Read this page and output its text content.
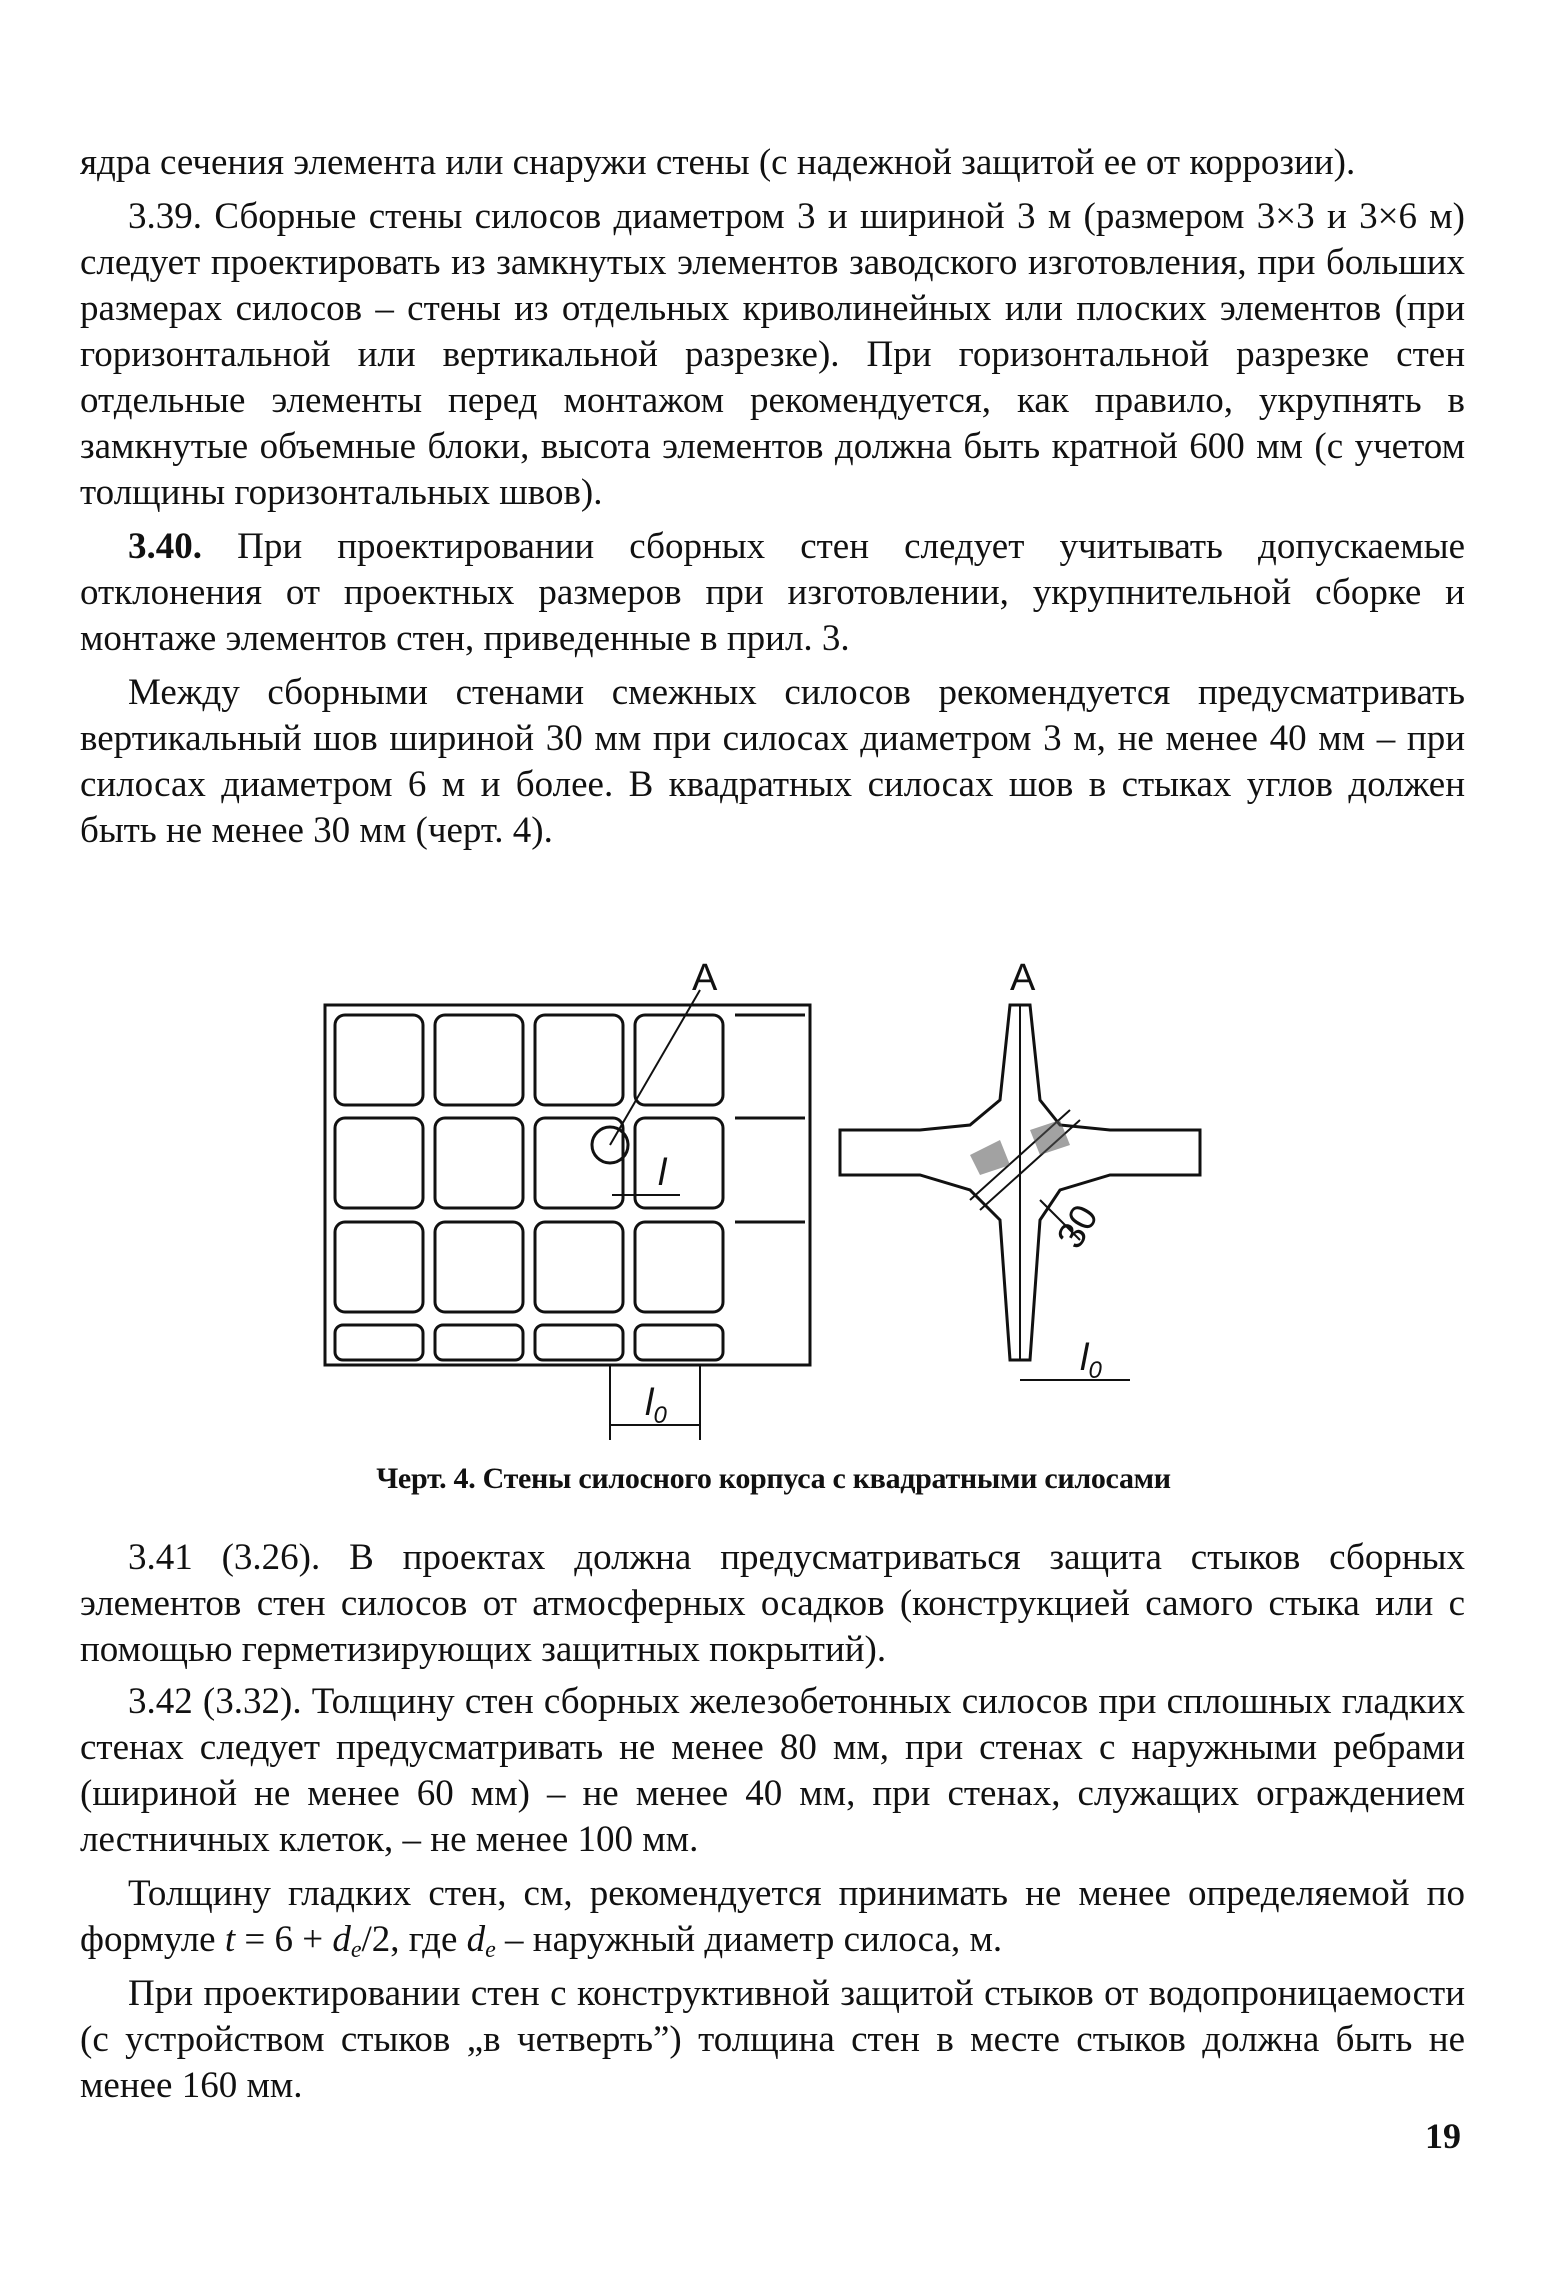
ядра сечения элемента или снаружи стены (с надежной защитой ее от коррозии).

3.39. Сборные стены силосов диаметром 3 и шириной 3 м (размером 3×3 и 3×6 м) следует проектировать из замкнутых элементов заводского изготовления, при больших размерах силосов – стены из отдельных криволинейных или плоских элементов (при горизонтальной или вертикальной разрезке). При горизонтальной разрезке стен отдельные элементы перед монтажом рекомендуется, как правило, укрупнять в замкнутые объемные блоки, высота элементов должна быть кратной 600 мм (с учетом толщины горизонтальных швов).

3.40. При проектировании сборных стен следует учитывать допускаемые отклонения от проектных размеров при изготовлении, укрупнительной сборке и монтаже элементов стен, приведенные в прил. 3.

Между сборными стенами смежных силосов рекомендуется предусматривать вертикальный шов шириной 30 мм при силосах диаметром 3 м, не менее 40 мм – при силосах диаметром 6 м и более. В квадратных силосах шов в стыках углов должен быть не менее 30 мм (черт. 4).

A
l
$l_0$
A
30
$l_0$
Черт. 4. Стены силосного корпуса с квадратными силосами

3.41 (3.26). В проектах должна предусматриваться защита стыков сборных элементов стен силосов от атмосферных осадков (конструкцией самого стыка или с помощью герметизирующих защитных покрытий).

3.42 (3.32). Толщину стен сборных железобетонных силосов при сплошных гладких стенах следует предусматривать не менее 80 мм, при стенах с наружными ребрами (шириной не менее 60 мм) – не менее 40 мм, при стенах, служащих ограждением лестничных клеток, – не менее 100 мм.

Толщину гладких стен, см, рекомендуется принимать не менее определяемой по формуле $t = 6 + d_e/2$, где $d_e$ – наружный диаметр силоса, м.

При проектировании стен с конструктивной защитой стыков от водопроницаемости (с устройством стыков „в четверть”) толщина стен в месте стыков должна быть не менее 160 мм.

19
